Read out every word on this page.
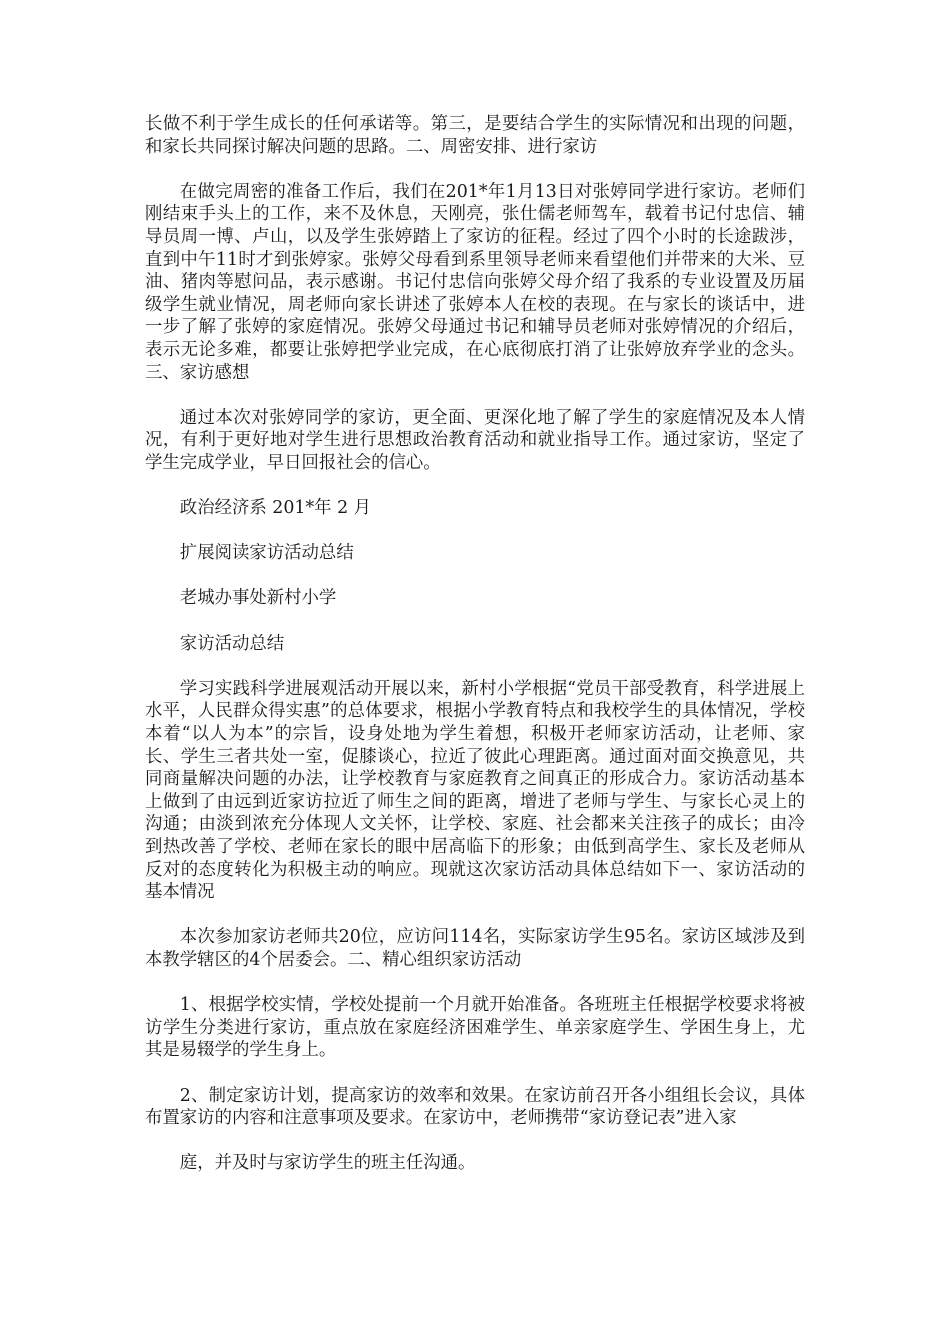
长做不利于学生成长的任何承诺等。第三，是要结合学生的实际情况和出现的问题，和家长共同探讨解决问题的思路。二、周密安排、进行家访

在做完周密的准备工作后，我们在201*年1月13日对张婷同学进行家访。老师们刚结束手头上的工作，来不及休息，天刚亮，张仕儒老师驾车，载着书记付忠信、辅导员周一博、卢山，以及学生张婷踏上了家访的征程。经过了四个小时的长途跋涉，直到中午11时才到张婷家。张婷父母看到系里领导老师来看望他们并带来的大米、豆油、猪肉等慰问品，表示感谢。书记付忠信向张婷父母介绍了我系的专业设置及历届级学生就业情况，周老师向家长讲述了张婷本人在校的表现。在与家长的谈话中，进一步了解了张婷的家庭情况。张婷父母通过书记和辅导员老师对张婷情况的介绍后，表示无论多难，都要让张婷把学业完成，在心底彻底打消了让张婷放弃学业的念头。三、家访感想

通过本次对张婷同学的家访，更全面、更深化地了解了学生的家庭情况及本人情况，有利于更好地对学生进行思想政治教育活动和就业指导工作。通过家访，坚定了学生完成学业，早日回报社会的信心。

政治经济系 201*年 2 月

扩展阅读家访活动总结

老城办事处新村小学

家访活动总结

学习实践科学进展观活动开展以来，新村小学根据“党员干部受教育，科学进展上水平，人民群众得实惠”的总体要求，根据小学教育特点和我校学生的具体情况，学校本着“以人为本”的宗旨，设身处地为学生着想，积极开老师家访活动，让老师、家长、学生三者共处一室，促膝谈心，拉近了彼此心理距离。通过面对面交换意见，共同商量解决问题的办法，让学校教育与家庭教育之间真正的形成合力。家访活动基本上做到了由远到近家访拉近了师生之间的距离，增进了老师与学生、与家长心灵上的沟通；由淡到浓充分体现人文关怀，让学校、家庭、社会都来关注孩子的成长；由冷到热改善了学校、老师在家长的眼中居高临下的形象；由低到高学生、家长及老师从反对的态度转化为积极主动的响应。现就这次家访活动具体总结如下一、家访活动的基本情况

本次参加家访老师共20位，应访问114名，实际家访学生95名。家访区域涉及到本教学辖区的4个居委会。二、精心组织家访活动

1、根据学校实情，学校处提前一个月就开始准备。各班班主任根据学校要求将被访学生分类进行家访，重点放在家庭经济困难学生、单亲家庭学生、学困生身上，尤其是易辍学的学生身上。

2、制定家访计划，提高家访的效率和效果。在家访前召开各小组组长会议，具体布置家访的内容和注意事项及要求。在家访中，老师携带“家访登记表”进入家

庭，并及时与家访学生的班主任沟通。
